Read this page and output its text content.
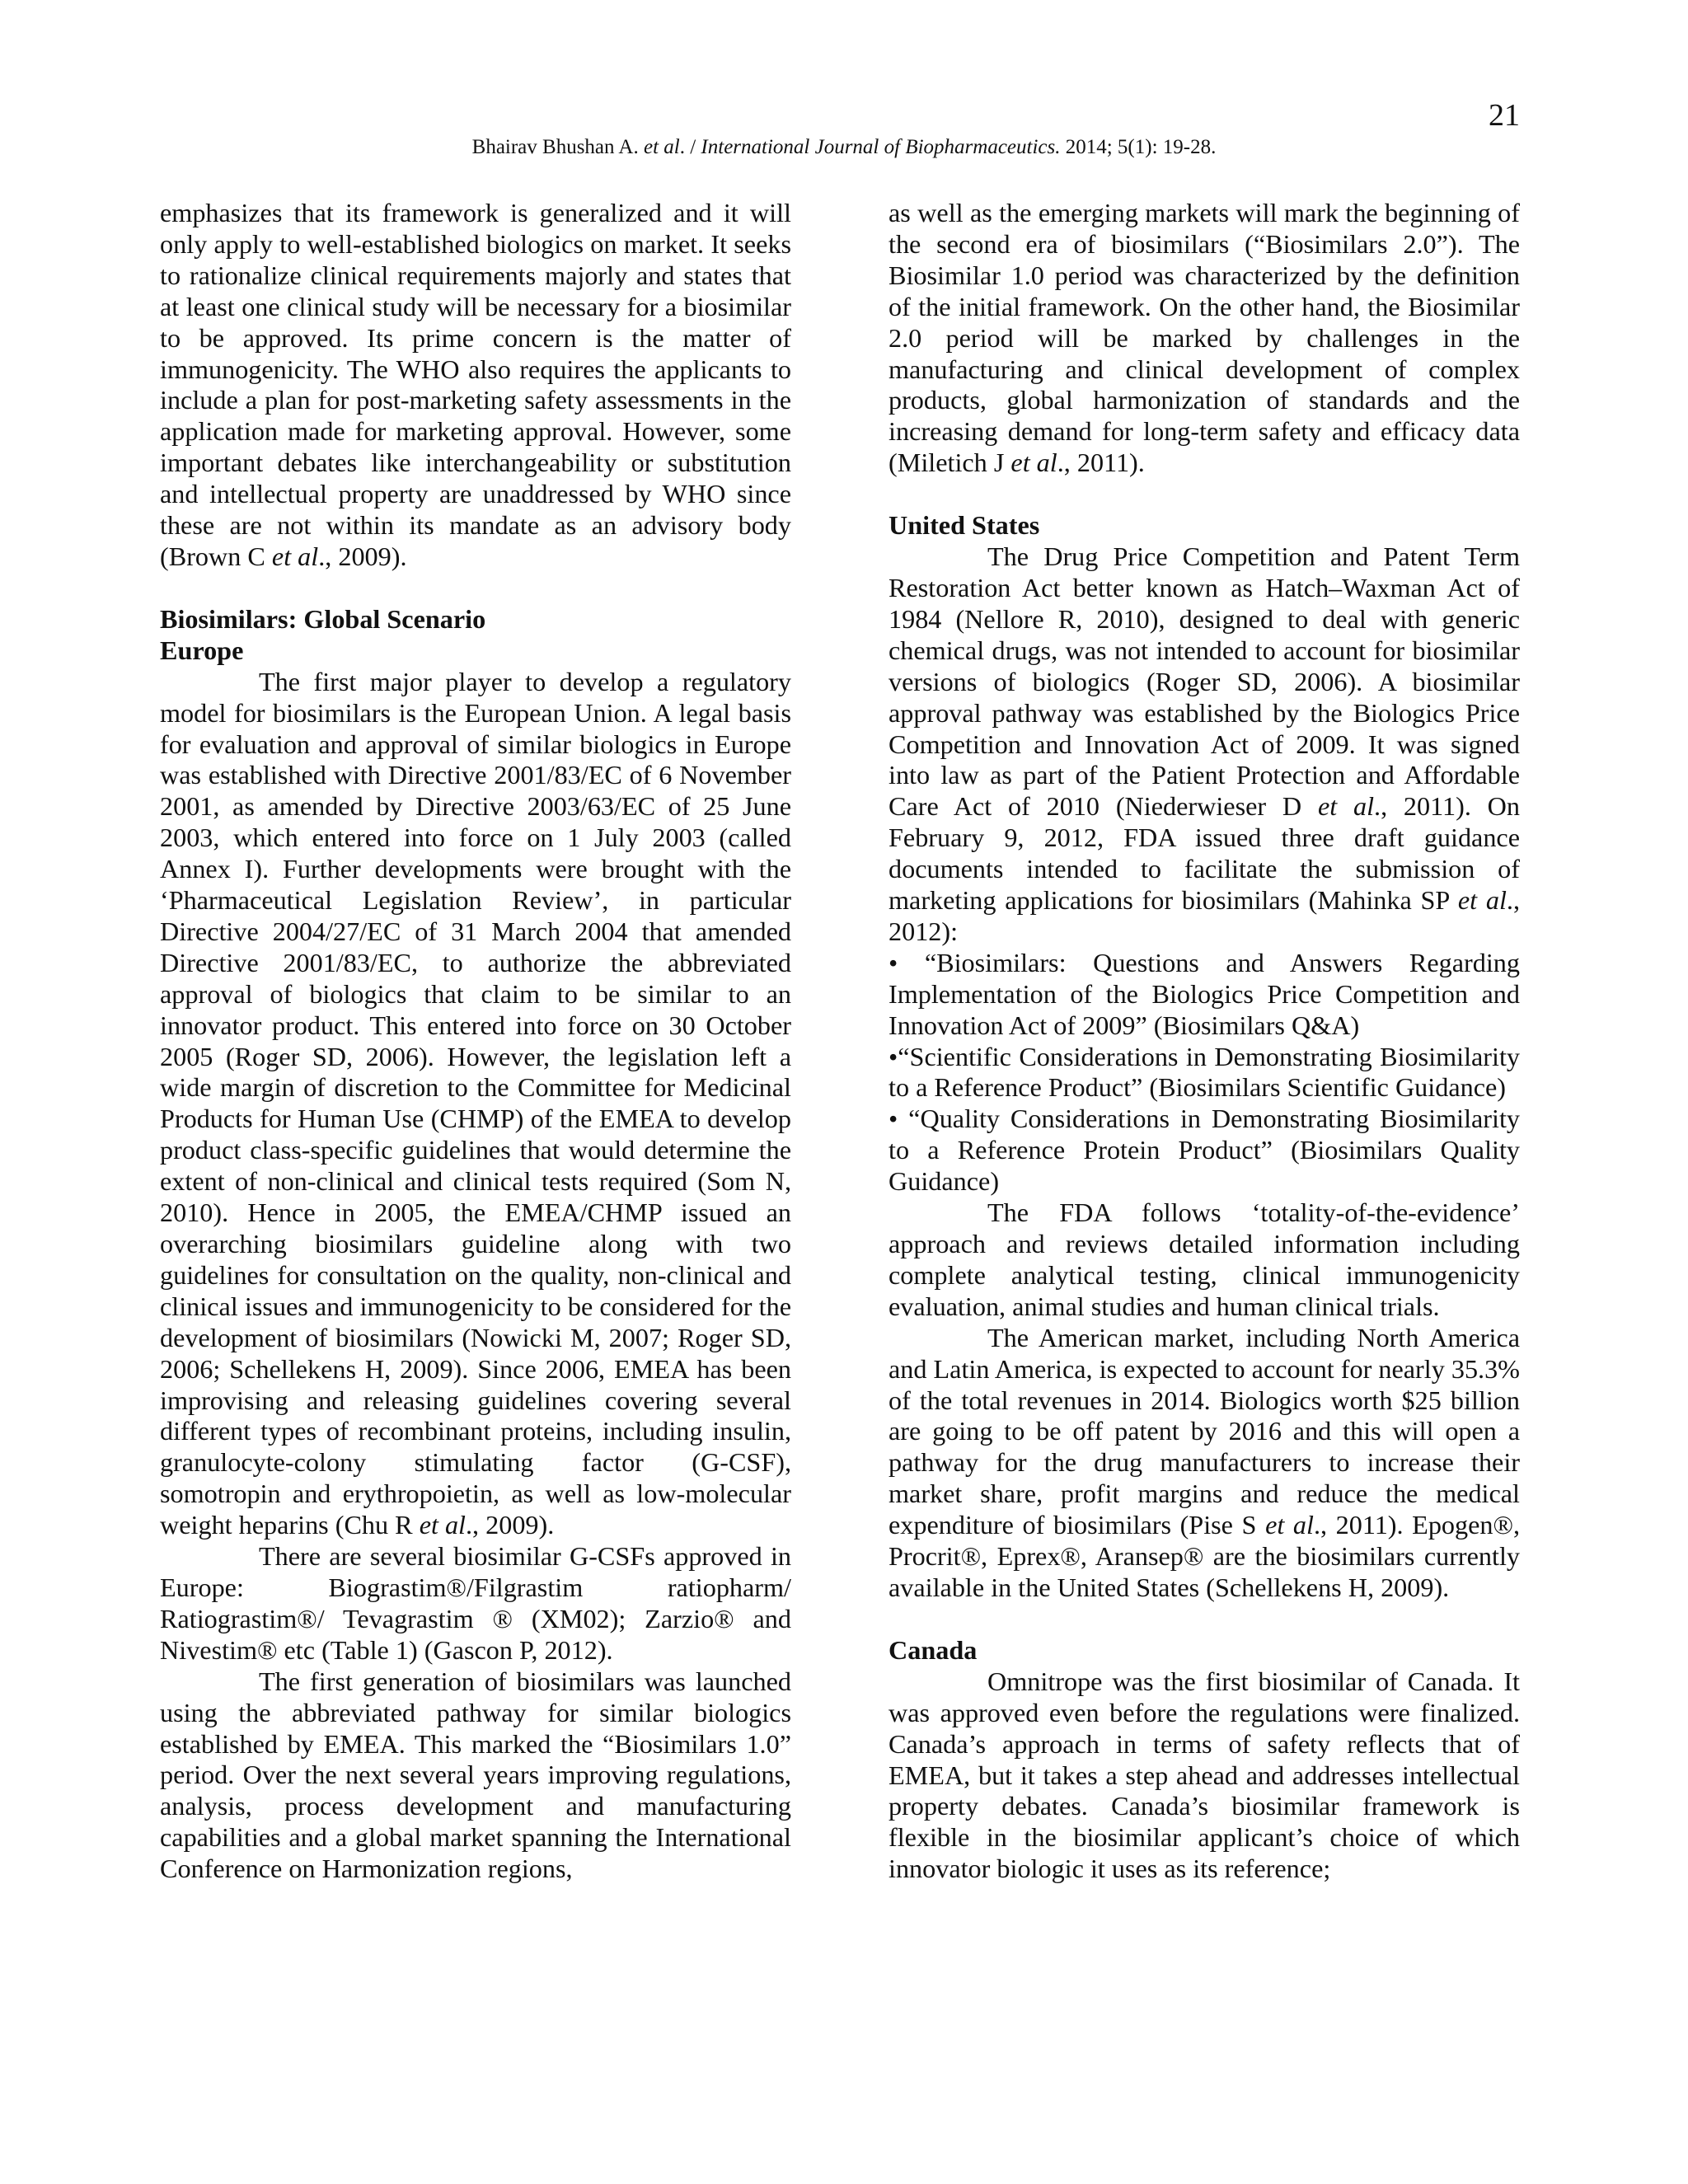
21
Bhairav Bhushan A. et al. / International Journal of Biopharmaceutics. 2014; 5(1): 19-28.

emphasizes that its framework is generalized and it will only apply to well-established biologics on market. It seeks to rationalize clinical requirements majorly and states that at least one clinical study will be necessary for a biosimilar to be approved. Its prime concern is the matter of immunogenicity. The WHO also requires the applicants to include a plan for post-marketing safety assessments in the application made for marketing approval. However, some important debates like interchangeability or substitution and intellectual property are unaddressed by WHO since these are not within its mandate as an advisory body (Brown C et al., 2009).

Biosimilars: Global Scenario

Europe

The first major player to develop a regulatory model for biosimilars is the European Union. A legal basis for evaluation and approval of similar biologics in Europe was established with Directive 2001/83/EC of 6 November 2001, as amended by Directive 2003/63/EC of 25 June 2003, which entered into force on 1 July 2003 (called Annex I). Further developments were brought with the ‘Pharmaceutical Legislation Review’, in particular Directive 2004/27/EC of 31 March 2004 that amended Directive 2001/83/EC, to authorize the abbreviated approval of biologics that claim to be similar to an innovator product. This entered into force on 30 October 2005 (Roger SD, 2006). However, the legislation left a wide margin of discretion to the Committee for Medicinal Products for Human Use (CHMP) of the EMEA to develop product class-specific guidelines that would determine the extent of non-clinical and clinical tests required (Som N, 2010). Hence in 2005, the EMEA/CHMP issued an overarching biosimilars guideline along with two guidelines for consultation on the quality, non-clinical and clinical issues and immunogenicity to be considered for the development of biosimilars (Nowicki M, 2007; Roger SD, 2006; Schellekens H, 2009). Since 2006, EMEA has been improvising and releasing guidelines covering several different types of recombinant proteins, including insulin, granulocyte-colony stimulating factor (G-CSF), somotropin and erythropoietin, as well as low-molecular weight heparins (Chu R et al., 2009).

There are several biosimilar G-CSFs approved in Europe: Biograstim®/Filgrastim ratiopharm/ Ratiograstim®/ Tevagrastim ® (XM02); Zarzio® and Nivestim® etc (Table 1) (Gascon P, 2012).

The first generation of biosimilars was launched using the abbreviated pathway for similar biologics established by EMEA. This marked the “Biosimilars 1.0” period. Over the next several years improving regulations, analysis, process development and manufacturing capabilities and a global market spanning the International Conference on Harmonization regions,

as well as the emerging markets will mark the beginning of the second era of biosimilars (“Biosimilars 2.0”). The Biosimilar 1.0 period was characterized by the definition of the initial framework. On the other hand, the Biosimilar 2.0 period will be marked by challenges in the manufacturing and clinical development of complex products, global harmonization of standards and the increasing demand for long-term safety and efficacy data (Miletich J et al., 2011).

United States

The Drug Price Competition and Patent Term Restoration Act better known as Hatch–Waxman Act of 1984 (Nellore R, 2010), designed to deal with generic chemical drugs, was not intended to account for biosimilar versions of biologics (Roger SD, 2006). A biosimilar approval pathway was established by the Biologics Price Competition and Innovation Act of 2009. It was signed into law as part of the Patient Protection and Affordable Care Act of 2010 (Niederwieser D et al., 2011). On February 9, 2012, FDA issued three draft guidance documents intended to facilitate the submission of marketing applications for biosimilars (Mahinka SP et al., 2012):

• “Biosimilars: Questions and Answers Regarding Implementation of the Biologics Price Competition and Innovation Act of 2009” (Biosimilars Q&A)

•“Scientific Considerations in Demonstrating Biosimilarity to a Reference Product” (Biosimilars Scientific Guidance)

• “Quality Considerations in Demonstrating Biosimilarity to a Reference Protein Product” (Biosimilars Quality Guidance)

The FDA follows ‘totality-of-the-evidence’ approach and reviews detailed information including complete analytical testing, clinical immunogenicity evaluation, animal studies and human clinical trials.

The American market, including North America and Latin America, is expected to account for nearly 35.3% of the total revenues in 2014. Biologics worth $25 billion are going to be off patent by 2016 and this will open a pathway for the drug manufacturers to increase their market share, profit margins and reduce the medical expenditure of biosimilars (Pise S et al., 2011). Epogen®, Procrit®, Eprex®, Aransep® are the biosimilars currently available in the United States (Schellekens H, 2009).

Canada

Omnitrope was the first biosimilar of Canada. It was approved even before the regulations were finalized. Canada’s approach in terms of safety reflects that of EMEA, but it takes a step ahead and addresses intellectual property debates. Canada’s biosimilar framework is flexible in the biosimilar applicant’s choice of which innovator biologic it uses as its reference;
